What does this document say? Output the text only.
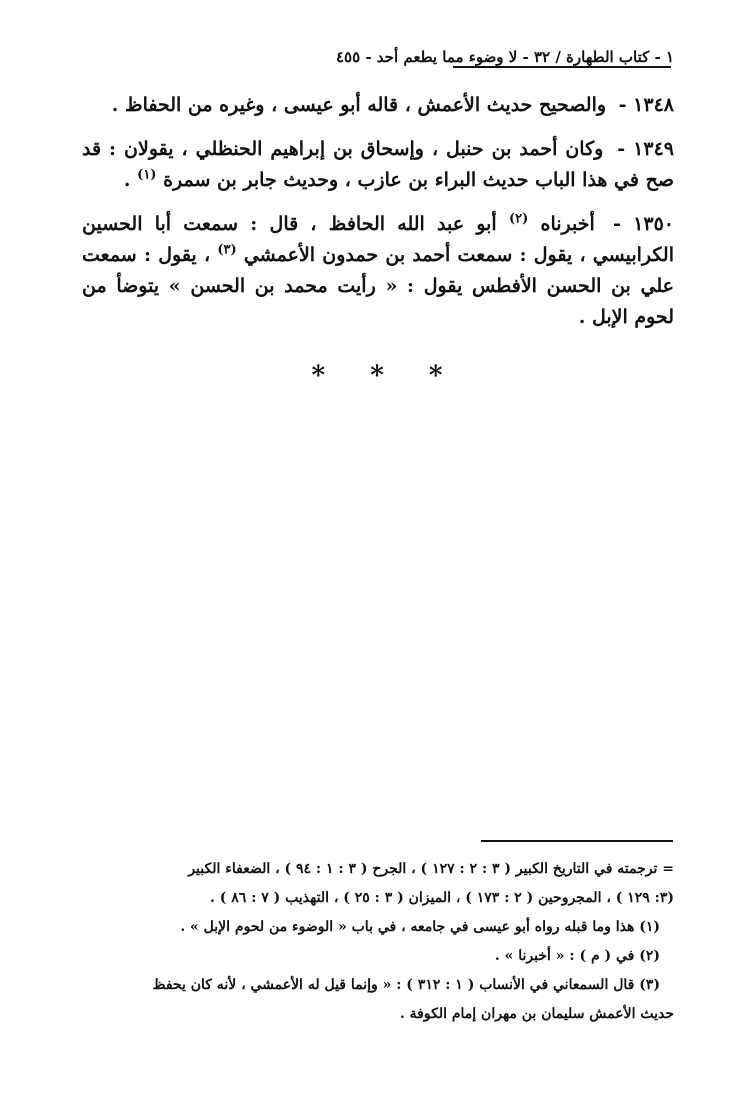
١ - كتاب الطهارة / ٣٢ - لا وضوء مما يطعم أحد - ٤٥٥

١٣٤٨ - والصحيح حديث الأعمش ، قاله أبو عيسى ، وغيره من الحفاظ .

١٣٤٩ - وكان أحمد بن حنبل ، وإسحاق بن إبراهيم الحنظلي ، يقولان : قد صح في هذا الباب حديث البراء بن عازب ، وحديث جابر بن سمرة $^{(١)}$ .

١٣٥٠ - أخبرناه $^{(٢)}$ أبو عبد الله الحافظ ، قال : سمعت أبا الحسين الكرابيسي ، يقول : سمعت أحمد بن حمدون الأعمشي $^{(٣)}$ ، يقول : سمعت علي بن الحسن الأفطس يقول : « رأيت محمد بن الحسن » يتوضأ من لحوم الإبل .

* * *

= ترجمته في التاريخ الكبير ( ٣ : ٢ : ١٢٧ ) ، الجرح ( ٣ : ١ : ٩٤ ) ، الضعفاء الكبير

(٣: ١٢٩ ) ، المجروحين ( ٢ : ١٧٣ ) ، الميزان ( ٣ : ٢٥ ) ، التهذيب ( ٧ : ٨٦ ) .

(١) هذا وما قبله رواه أبو عيسى في جامعه ، في باب « الوضوء من لحوم الإبل » .

(٢) في ( م ) : « أخبرنا » .

(٣) قال السمعاني في الأنساب ( ١ : ٣١٢ ) : « وإنما قيل له الأعمشي ، لأنه كان يحفظ

حديث الأعمش سليمان بن مهران إمام الكوفة .
